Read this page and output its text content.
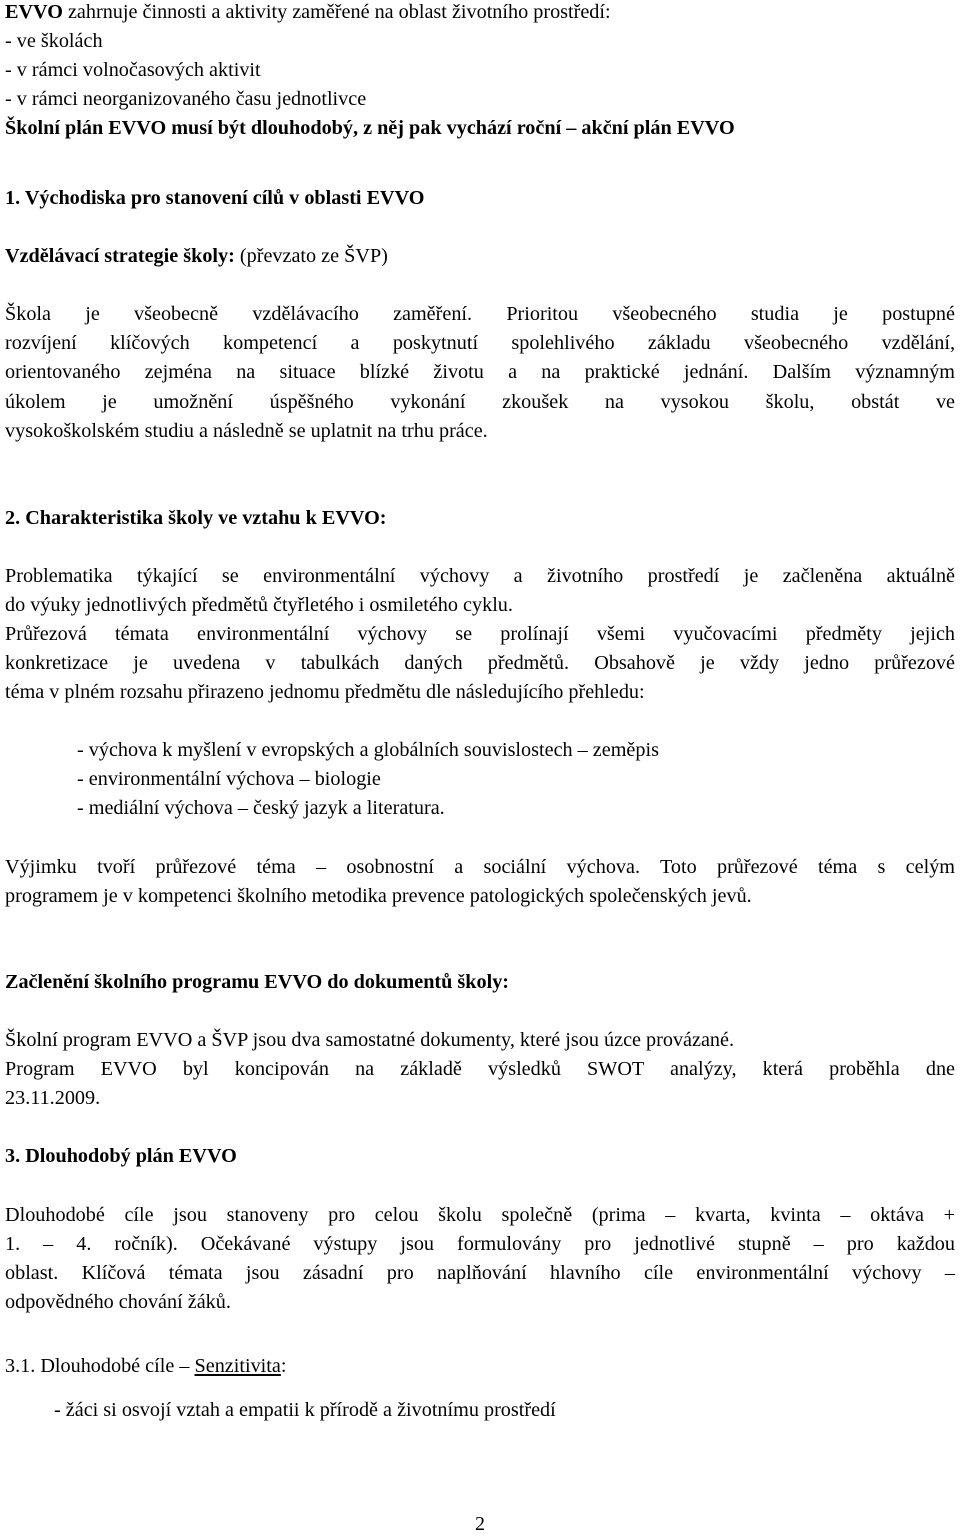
EVVO zahrnuje činnosti a aktivity zaměřené na oblast životního prostředí:

- ve školách

- v rámci volnočasových aktivit

- v rámci neorganizovaného času jednotlivce

Školní plán EVVO musí být dlouhodobý, z něj pak vychází roční – akční plán EVVO

1. Východiska pro stanovení cílů v oblasti EVVO

Vzdělávací strategie školy: (převzato ze ŠVP)

Škola je všeobecně vzdělávacího zaměření. Prioritou všeobecného studia je postupné

rozvíjení klíčových kompetencí a poskytnutí spolehlivého základu všeobecného vzdělání,

orientovaného zejména na situace blízké životu a na praktické jednání. Dalším významným

úkolem je umožnění úspěšného vykonání zkoušek na vysokou školu, obstát ve

vysokoškolském studiu a následně se uplatnit na trhu práce.

2. Charakteristika školy ve vztahu k EVVO:

Problematika týkající se environmentální výchovy a životního prostředí je začleněna aktuálně

do výuky jednotlivých předmětů čtyřletého i osmiletého cyklu.

Průřezová témata environmentální výchovy se prolínají všemi vyučovacími předměty jejich

konkretizace je uvedena v tabulkách daných předmětů. Obsahově je vždy jedno průřezové

téma v plném rozsahu přirazeno jednomu předmětu dle následujícího přehledu:

- výchova k myšlení v evropských a globálních souvislostech – zeměpis

- environmentální výchova – biologie

- mediální výchova – český jazyk a literatura.

Výjimku tvoří průřezové téma – osobnostní a sociální výchova. Toto průřezové téma s celým

programem je v kompetenci školního metodika prevence patologických společenských jevů.

Začlenění školního programu EVVO do dokumentů školy:

Školní program EVVO a ŠVP jsou dva samostatné dokumenty, které jsou úzce provázané.

Program EVVO byl koncipován na základě výsledků SWOT analýzy, která proběhla dne

23.11.2009.

3. Dlouhodobý plán EVVO

Dlouhodobé cíle jsou stanoveny pro celou školu společně (prima – kvarta, kvinta – oktáva +

1. – 4. ročník). Očekávané výstupy jsou formulovány pro jednotlivé stupně – pro každou

oblast. Klíčová témata jsou zásadní pro naplňování hlavního cíle environmentální výchovy –

odpovědného chování žáků.

3.1. Dlouhodobé cíle – Senzitivita:

- žáci si osvojí vztah a empatii k přírodě a životnímu prostředí

2
